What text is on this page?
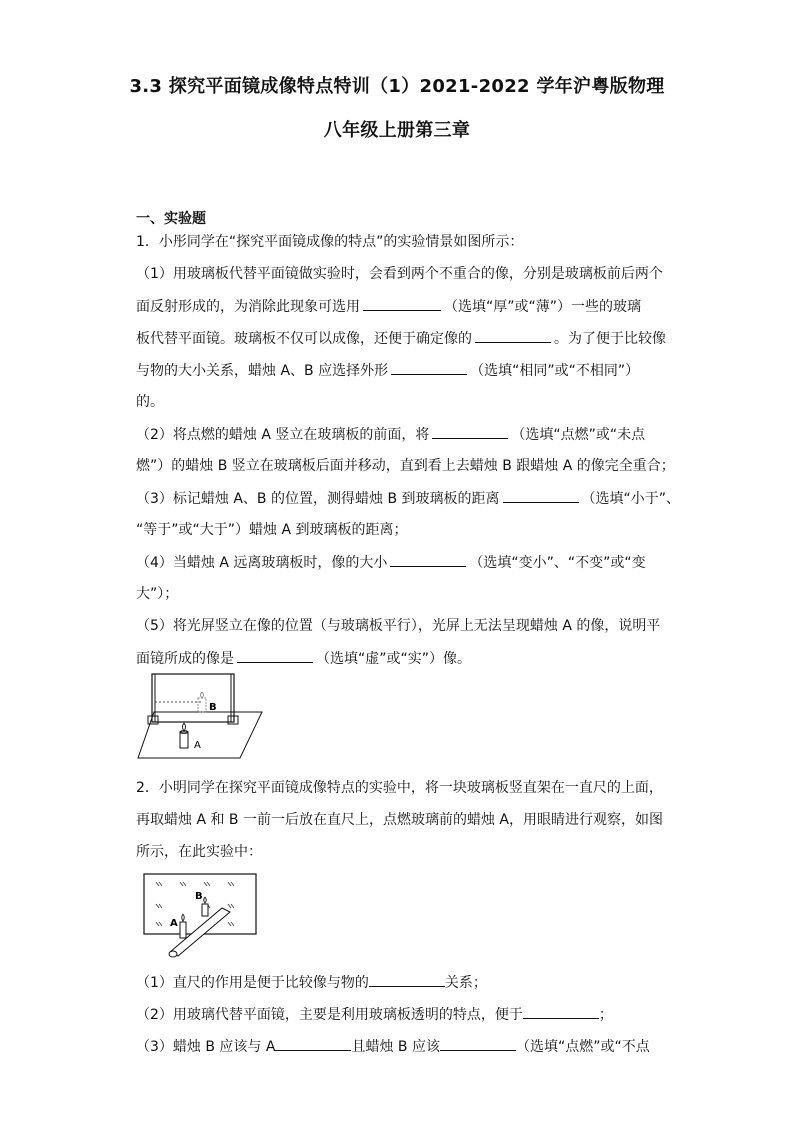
3.3 探究平面镜成像特点特训（1）2021-2022 学年沪粤版物理
八年级上册第三章
一、实验题
1．小彤同学在“探究平面镜成像的特点”的实验情景如图所示：
（1）用玻璃板代替平面镜做实验时，会看到两个不重合的像，分别是玻璃板前后两个
面反射形成的，为消除此现象可选用	（选填“厚”或“薄”）一些的玻璃
板代替平面镜。玻璃板不仅可以成像，还便于确定像的	。为了便于比较像
与物的大小关系，蜡烛 A、B 应选择外形	（选填“相同”或“不相同”）
的。
（2）将点燃的蜡烛 A 竖立在玻璃板的前面，将	（选填“点燃”或“未点
燃”）的蜡烛 B 竖立在玻璃板后面并移动，直到看上去蜡烛 B 跟蜡烛 A 的像完全重合；
（3）标记蜡烛 A、B 的位置，测得蜡烛 B 到玻璃板的距离	（选填“小于”、
“等于”或“大于”）蜡烛 A 到玻璃板的距离；
（4）当蜡烛 A 远离玻璃板时，像的大小	（选填“变小”、“不变”或“变
大”）；
（5）将光屏竖立在像的位置（与玻璃板平行），光屏上无法呈现蜡烛 A 的像，说明平
面镜所成的像是	（选填“虚”或“实”）像。
B
A
2．小明同学在探究平面镜成像特点的实验中，将一块玻璃板竖直架在一直尺的上面，
再取蜡烛 A 和 B 一前一后放在直尺上，点燃玻璃前的蜡烛 A，用眼睛进行观察，如图
所示，在此实验中：
B
A
（1）直尺的作用是便于比较像与物的	关系；
（2）用玻璃代替平面镜，主要是利用玻璃板透明的特点，便于	；
（3）蜡烛 B 应该与 A	且蜡烛 B 应该	（选填“点燃”或“不点
